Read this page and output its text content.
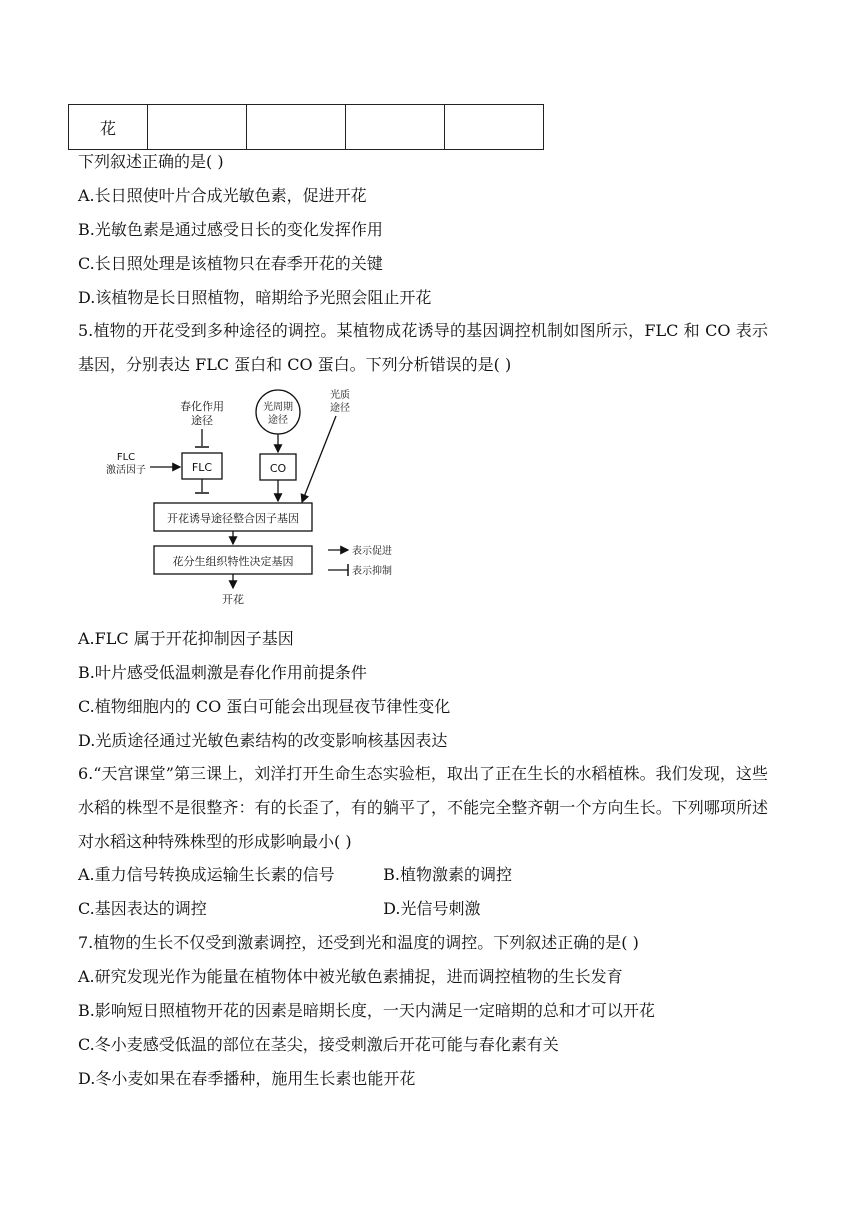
花				
下列叙述正确的是( )
A.长日照使叶片合成光敏色素，促进开花
B.光敏色素是通过感受日长的变化发挥作用
C.长日照处理是该植物只在春季开花的关键
D.该植物是长日照植物，暗期给予光照会阻止开花
5.植物的开花受到多种途径的调控。某植物成花诱导的基因调控机制如图所示，FLC 和 CO 表示基因，分别表达 FLC 蛋白和 CO 蛋白。下列分析错误的是( )
春化作用
途径
光周期
途径
光质
途径
FLC
激活因子	FLC	CO
开花诱导途径整合因子基因
花分生组织特性决定基因
开花
表示促进
表示抑制
A.FLC 属于开花抑制因子基因
B.叶片感受低温刺激是春化作用前提条件
C.植物细胞内的 CO 蛋白可能会出现昼夜节律性变化
D.光质途径通过光敏色素结构的改变影响核基因表达
6.“天宫课堂”第三课上，刘洋打开生命生态实验柜，取出了正在生长的水稻植株。我们发现，这些水稻的株型不是很整齐：有的长歪了，有的躺平了，不能完全整齐朝一个方向生长。下列哪项所述对水稻这种特殊株型的形成影响最小( )
A.重力信号转换成运输生长素的信号	B.植物激素的调控
C.基因表达的调控	D.光信号刺激
7.植物的生长不仅受到激素调控，还受到光和温度的调控。下列叙述正确的是( )
A.研究发现光作为能量在植物体中被光敏色素捕捉，进而调控植物的生长发育
B.影响短日照植物开花的因素是暗期长度，一天内满足一定暗期的总和才可以开花
C.冬小麦感受低温的部位在茎尖，接受刺激后开花可能与春化素有关
D.冬小麦如果在春季播种，施用生长素也能开花
